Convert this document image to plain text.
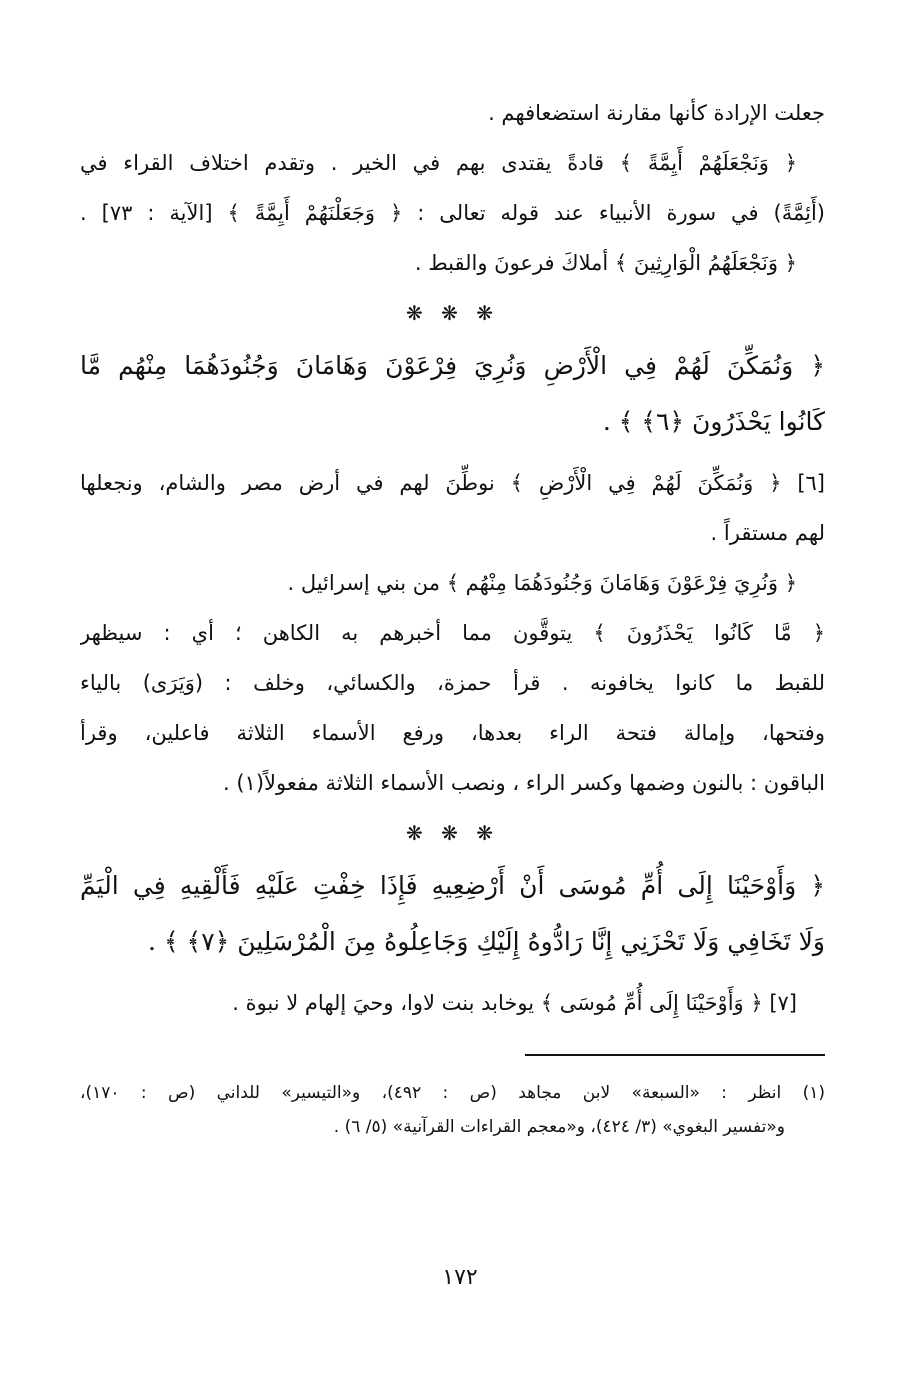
جعلت الإرادة كأنها مقارنة استضعافهم .
﴿ وَنَجْعَلَهُمْ أَيِمَّةً ﴾ قادةً يقتدى بهم في الخير . وتقدم اختلاف القراء في
(أَئِمَّةً) في سورة الأنبياء عند قوله تعالى : ﴿ وَجَعَلْنَهُمْ أَيِمَّةً ﴾ [الآية : ٧٣] .
﴿ وَنَجْعَلَهُمُ الْوَارِثِينَ ﴾ أملاكَ فرعونَ والقبط .
❋ ❋ ❋
﴿ وَنُمَكِّنَ لَهُمْ فِي الْأَرْضِ وَنُرِيَ فِرْعَوْنَ وَهَامَانَ وَجُنُودَهُمَا مِنْهُم مَّا
كَانُوا يَحْذَرُونَ ﴿٦﴾ ﴾ .
[٦] ﴿ وَنُمَكِّنَ لَهُمْ فِي الْأَرْضِ ﴾ نوطِّنَ لهم في أرض مصر والشام، ونجعلها
لهم مستقراً .
﴿ وَنُرِيَ فِرْعَوْنَ وَهَامَانَ وَجُنُودَهُمَا مِنْهُم ﴾ من بني إسرائيل .
﴿ مَّا كَانُوا يَحْذَرُونَ ﴾ يتوقَّون مما أخبرهم به الكاهن ؛ أي : سيظهر
للقبط ما كانوا يخافونه . قرأ حمزة، والكسائي، وخلف : (وَيَرَى) بالياء
وفتحها، وإمالة فتحة الراء بعدها، ورفع الأسماء الثلاثة فاعلين، وقرأ
الباقون : بالنون وضمها وكسر الراء ، ونصب الأسماء الثلاثة مفعولاً(١) .
❋ ❋ ❋
﴿ وَأَوْحَيْنَا إِلَى أُمِّ مُوسَى أَنْ أَرْضِعِيهِ فَإِذَا خِفْتِ عَلَيْهِ فَأَلْقِيهِ فِي الْيَمِّ
وَلَا تَخَافِي وَلَا تَحْزَنِي إِنَّا رَادُّوهُ إِلَيْكِ وَجَاعِلُوهُ مِنَ الْمُرْسَلِينَ ﴿٧﴾ ﴾ .
[٧] ﴿ وَأَوْحَيْنَا إِلَى أُمِّ مُوسَى ﴾ يوخابد بنت لاوا، وحيَ إلهام لا نبوة .
(١) انظر : «السبعة» لابن مجاهد (ص : ٤٩٢)، و«التيسير» للداني (ص : ١٧٠)،
و«تفسير البغوي» (٣/ ٤٢٤)، و«معجم القراءات القرآنية» (٥/ ٦) .
١٧٢
